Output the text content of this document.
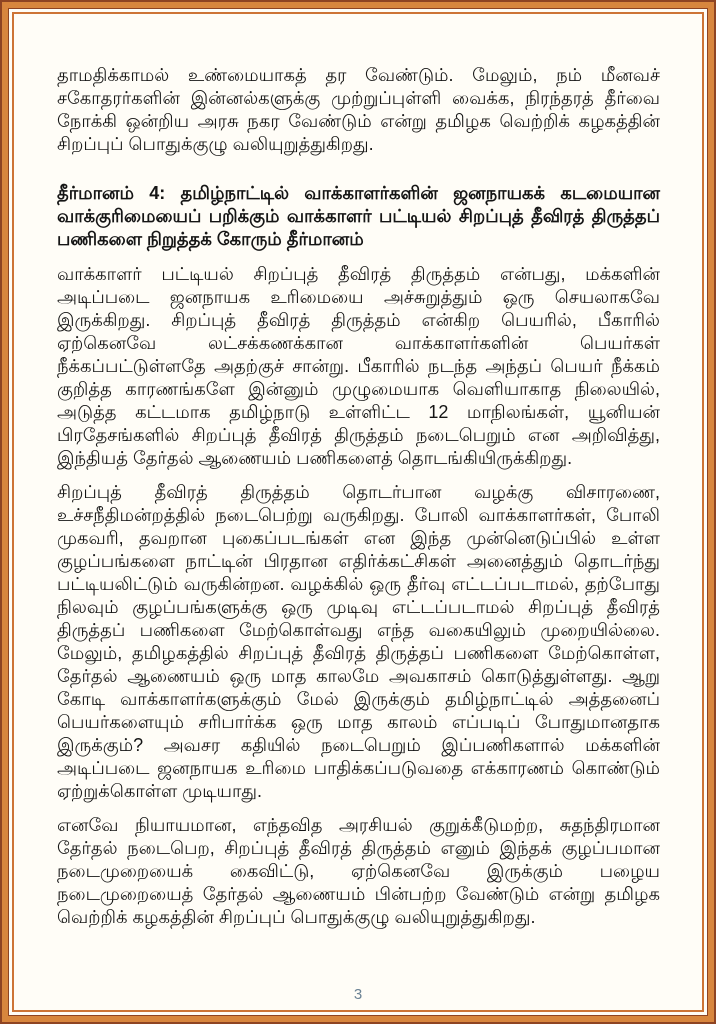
தாமதிக்காமல் உண்மையாகத் தர வேண்டும். மேலும், நம் மீனவச் சகோதரர்களின் இன்னல்களுக்கு முற்றுப்புள்ளி வைக்க, நிரந்தரத் தீர்வை நோக்கி ஒன்றிய அரசு நகர வேண்டும் என்று தமிழக வெற்றிக் கழகத்தின் சிறப்புப் பொதுக்குழு வலியுறுத்துகிறது.

தீர்மானம் 4: தமிழ்நாட்டில் வாக்காளர்களின் ஜனநாயகக் கடமையான வாக்குரிமையைப் பறிக்கும் வாக்காளர் பட்டியல் சிறப்புத் தீவிரத் திருத்தப் பணிகளை நிறுத்தக் கோரும் தீர்மானம்

வாக்காளர் பட்டியல் சிறப்புத் தீவிரத் திருத்தம் என்பது, மக்களின் அடிப்படை ஜனநாயக உரிமையை அச்சுறுத்தும் ஒரு செயலாகவே இருக்கிறது. சிறப்புத் தீவிரத் திருத்தம் என்கிற பெயரில், பீகாரில் ஏற்கெனவே லட்சக்கணக்கான வாக்காளர்களின் பெயர்கள் நீக்கப்பட்டுள்ளதே அதற்குச் சான்று. பீகாரில் நடந்த அந்தப் பெயர் நீக்கம் குறித்த காரணங்களே இன்னும் முழுமையாக வெளியாகாத நிலையில், அடுத்த கட்டமாக தமிழ்நாடு உள்ளிட்ட 12 மாநிலங்கள், யூனியன் பிரதேசங்களில் சிறப்புத் தீவிரத் திருத்தம் நடைபெறும் என அறிவித்து, இந்தியத் தேர்தல் ஆணையம் பணிகளைத் தொடங்கியிருக்கிறது.

சிறப்புத் தீவிரத் திருத்தம் தொடர்பான வழக்கு விசாரணை, உச்சநீதிமன்றத்தில் நடைபெற்று வருகிறது. போலி வாக்காளர்கள், போலி முகவரி, தவறான புகைப்படங்கள் என இந்த முன்னெடுப்பில் உள்ள குழப்பங்களை நாட்டின் பிரதான எதிர்க்கட்சிகள் அனைத்தும் தொடர்ந்து பட்டியலிட்டும் வருகின்றன. வழக்கில் ஒரு தீர்வு எட்டப்படாமல், தற்போது நிலவும் குழப்பங்களுக்கு ஒரு முடிவு எட்டப்படாமல் சிறப்புத் தீவிரத் திருத்தப் பணிகளை மேற்கொள்வது எந்த வகையிலும் முறையில்லை. மேலும், தமிழகத்தில் சிறப்புத் தீவிரத் திருத்தப் பணிகளை மேற்கொள்ள, தேர்தல் ஆணையம் ஒரு மாத காலமே அவகாசம் கொடுத்துள்ளது. ஆறு கோடி வாக்காளர்களுக்கும் மேல் இருக்கும் தமிழ்நாட்டில் அத்தனைப் பெயர்களையும் சரிபார்க்க ஒரு மாத காலம் எப்படிப் போதுமானதாக இருக்கும்? அவசர கதியில் நடைபெறும் இப்பணிகளால் மக்களின் அடிப்படை ஜனநாயக உரிமை பாதிக்கப்படுவதை எக்காரணம் கொண்டும் ஏற்றுக்கொள்ள முடியாது.

எனவே நியாயமான, எந்தவித அரசியல் குறுக்கீடுமற்ற, சுதந்திரமான தேர்தல் நடைபெற, சிறப்புத் தீவிரத் திருத்தம் எனும் இந்தக் குழப்பமான நடைமுறையைக் கைவிட்டு, ஏற்கெனவே இருக்கும் பழைய நடைமுறையைத் தேர்தல் ஆணையம் பின்பற்ற வேண்டும் என்று தமிழக வெற்றிக் கழகத்தின் சிறப்புப் பொதுக்குழு வலியுறுத்துகிறது.

3
